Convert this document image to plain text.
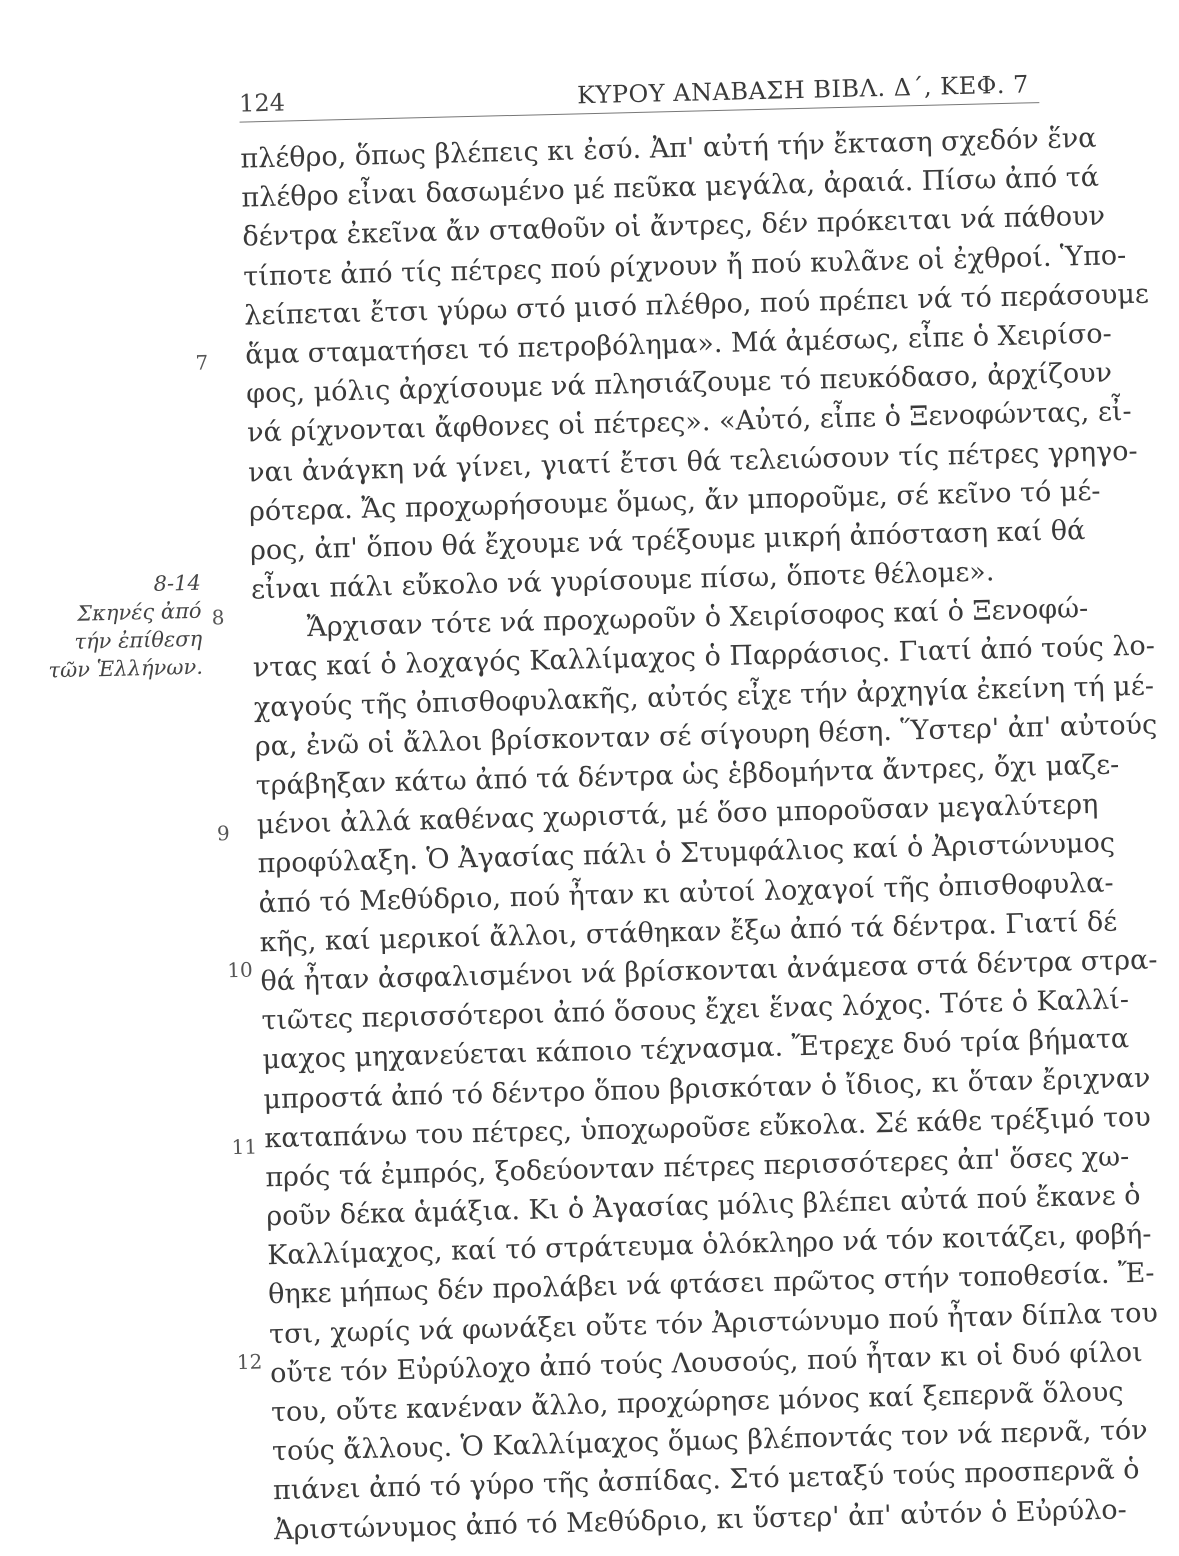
124	ΚΥΡΟΥ ΑΝΑΒΑΣΗ ΒΙΒΛ. Δ΄, ΚΕΦ. 7
8-14
Σκηνές ἀπό
τήν ἐπίθεση
τῶν Ἑλλήνων.
7
8
9
10
11
12
πλέθρο, ὅπως βλέπεις κι ἐσύ. Ἀπ' αὐτή τήν ἔκταση σχεδόν ἕνα
πλέθρο εἶναι δασωμένο μέ πεῦκα μεγάλα, ἀραιά. Πίσω ἀπό τά
δέντρα ἐκεῖνα ἄν σταθοῦν οἱ ἄντρες, δέν πρόκειται νά πάθουν
τίποτε ἀπό τίς πέτρες πού ρίχνουν ἤ πού κυλᾶνε οἱ ἐχθροί. Ὑπο-
λείπεται ἔτσι γύρω στό μισό πλέθρο, πού πρέπει νά τό περάσουμε
ἅμα σταματήσει τό πετροβόλημα». Μά ἀμέσως, εἶπε ὁ Χειρίσο-
φος, μόλις ἀρχίσουμε νά πλησιάζουμε τό πευκόδασο, ἀρχίζουν
νά ρίχνονται ἄφθονες οἱ πέτρες». «Αὐτό, εἶπε ὁ Ξενοφώντας, εἶ-
ναι ἀνάγκη νά γίνει, γιατί ἔτσι θά τελειώσουν τίς πέτρες γρηγο-
ρότερα. Ἄς προχωρήσουμε ὅμως, ἄν μποροῦμε, σέ κεῖνο τό μέ-
ρος, ἀπ' ὅπου θά ἔχουμε νά τρέξουμε μικρή ἀπόσταση καί θά
εἶναι πάλι εὔκολο νά γυρίσουμε πίσω, ὅποτε θέλομε».
Ἄρχισαν τότε νά προχωροῦν ὁ Χειρίσοφος καί ὁ Ξενοφώ-
ντας καί ὁ λοχαγός Καλλίμαχος ὁ Παρράσιος. Γιατί ἀπό τούς λο-
χαγούς τῆς ὀπισθοφυλακῆς, αὐτός εἶχε τήν ἀρχηγία ἐκείνη τή μέ-
ρα, ἐνῶ οἱ ἄλλοι βρίσκονταν σέ σίγουρη θέση. Ὕστερ' ἀπ' αὐτούς
τράβηξαν κάτω ἀπό τά δέντρα ὡς ἑβδομήντα ἄντρες, ὄχι μαζε-
μένοι ἀλλά καθένας χωριστά, μέ ὅσο μποροῦσαν μεγαλύτερη
προφύλαξη. Ὁ Ἀγασίας πάλι ὁ Στυμφάλιος καί ὁ Ἀριστώνυμος
ἀπό τό Μεθύδριο, πού ἦταν κι αὐτοί λοχαγοί τῆς ὀπισθοφυλα-
κῆς, καί μερικοί ἄλλοι, στάθηκαν ἔξω ἀπό τά δέντρα. Γιατί δέ
θά ἦταν ἀσφαλισμένοι νά βρίσκονται ἀνάμεσα στά δέντρα στρα-
τιῶτες περισσότεροι ἀπό ὅσους ἔχει ἕνας λόχος. Τότε ὁ Καλλί-
μαχος μηχανεύεται κάποιο τέχνασμα. Ἔτρεχε δυό τρία βήματα
μπροστά ἀπό τό δέντρο ὅπου βρισκόταν ὁ ἴδιος, κι ὅταν ἔριχναν
καταπάνω του πέτρες, ὑποχωροῦσε εὔκολα. Σέ κάθε τρέξιμό του
πρός τά ἐμπρός, ξοδεύονταν πέτρες περισσότερες ἀπ' ὅσες χω-
ροῦν δέκα ἁμάξια. Κι ὁ Ἀγασίας μόλις βλέπει αὐτά πού ἔκανε ὁ
Καλλίμαχος, καί τό στράτευμα ὁλόκληρο νά τόν κοιτάζει, φοβή-
θηκε μήπως δέν προλάβει νά φτάσει πρῶτος στήν τοποθεσία. Ἔ-
τσι, χωρίς νά φωνάξει οὔτε τόν Ἀριστώνυμο πού ἦταν δίπλα του
οὔτε τόν Εὐρύλοχο ἀπό τούς Λουσούς, πού ἦταν κι οἱ δυό φίλοι
του, οὔτε κανέναν ἄλλο, προχώρησε μόνος καί ξεπερνᾶ ὅλους
τούς ἄλλους. Ὁ Καλλίμαχος ὅμως βλέποντάς τον νά περνᾶ, τόν
πιάνει ἀπό τό γύρο τῆς ἀσπίδας. Στό μεταξύ τούς προσπερνᾶ ὁ
Ἀριστώνυμος ἀπό τό Μεθύδριο, κι ὕστερ' ἀπ' αὐτόν ὁ Εὐρύλο-
